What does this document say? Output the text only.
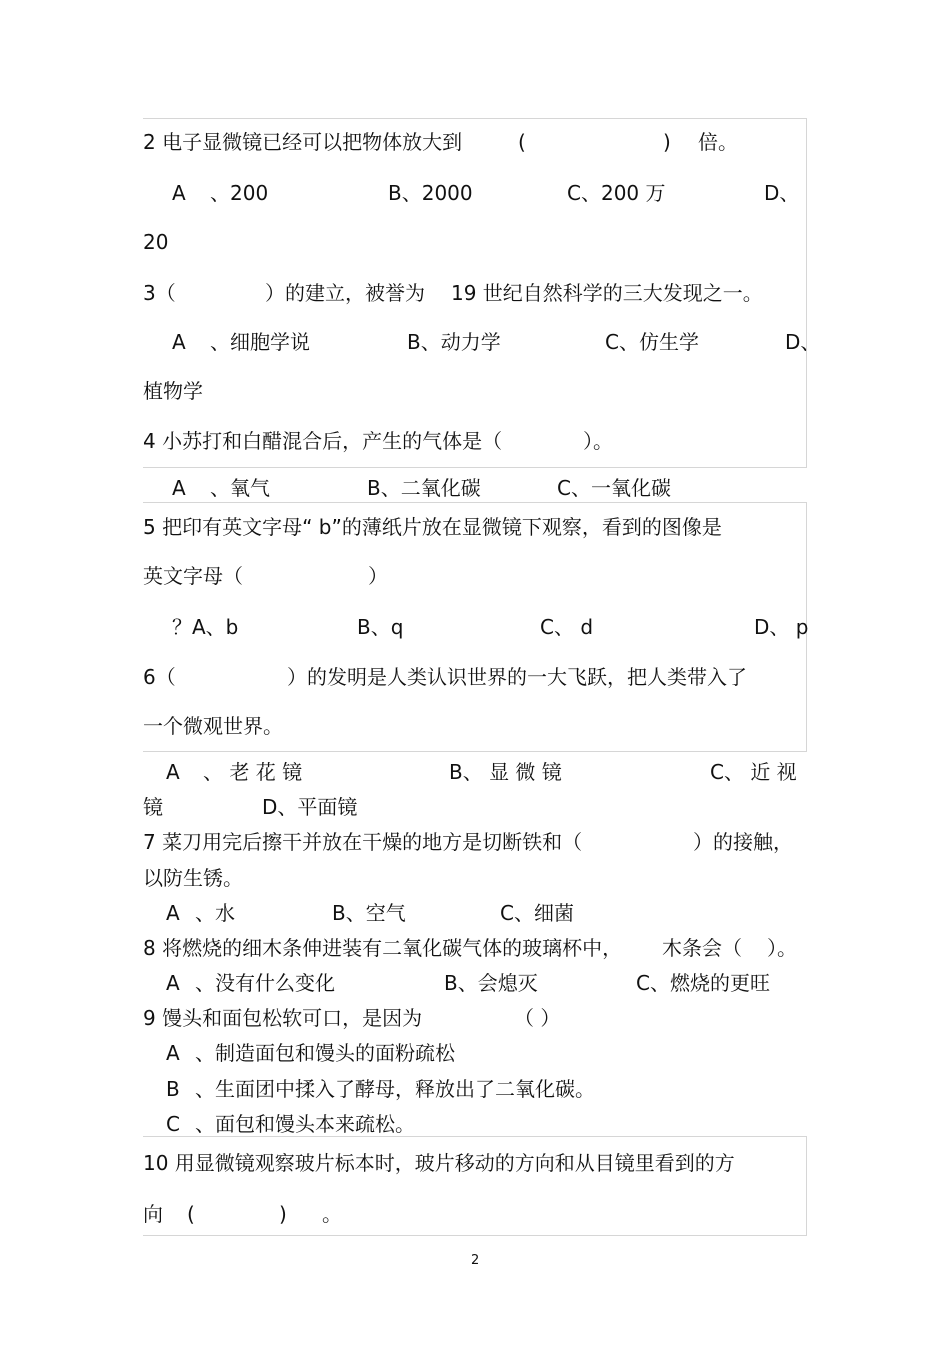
2 电子显微镜已经可以把物体放大到	(	) 倍。
A 、200	B、2000	C、200 万	D、
20
3（	）的建立，被誉为 19 世纪自然科学的三大发现之一。
A 、细胞学说	B、动力学	C、仿生学	D、
植物学
4 小苏打和白醋混合后，产生的气体是（	）。
A 、氧气	B、二氧化碳	C、一氧化碳
5 把印有英文字母“ b”的薄纸片放在显微镜下观察，看到的图像是
英文字母（	）
？A、b	B、q	C、 d	D、 p
6（	）的发明是人类认识世界的一大飞跃，把人类带入了
一个微观世界。
A 、 老 花 镜	B、 显 微 镜	C、 近 视
镜	D、平面镜
7 菜刀用完后擦干并放在干燥的地方是切断铁和（	）的接触，
以防生锈。
A 、水	B、空气	C、细菌
8 将燃烧的细木条伸进装有二氧化碳气体的玻璃杯中， 木条会（ ）。
A 、没有什么变化	B、会熄灭	C、燃烧的更旺
9 馒头和面包松软可口，是因为	（ ）
A 、制造面包和馒头的面粉疏松
B 、生面团中揉入了酵母，释放出了二氧化碳。
C 、面包和馒头本来疏松。
10 用显微镜观察玻片标本时，玻片移动的方向和从目镜里看到的方
向 (	) 。
2
